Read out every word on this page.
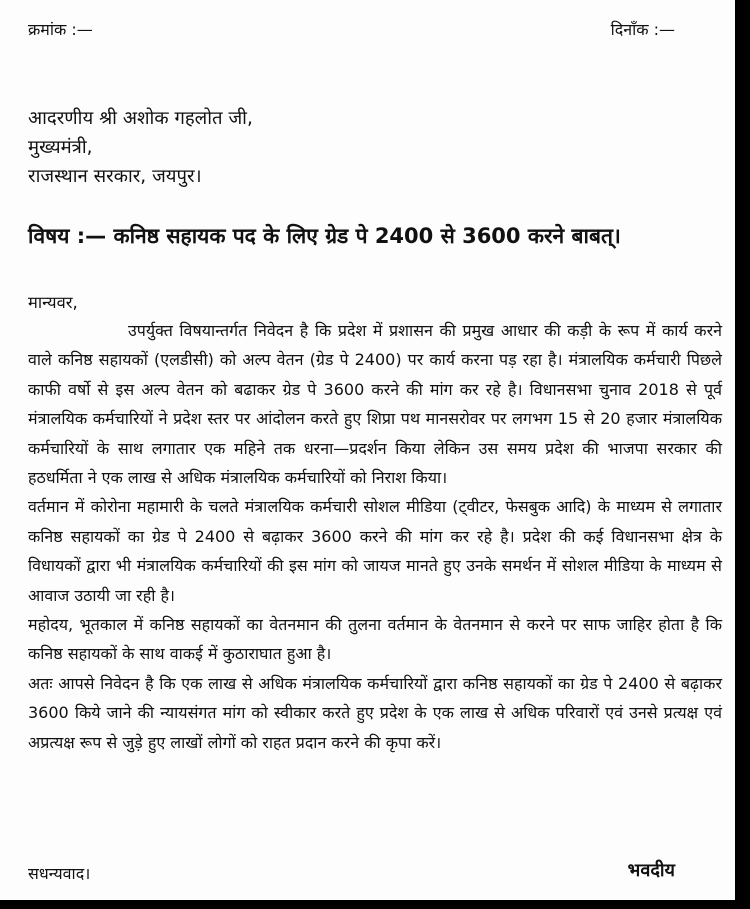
क्रमांक :—	दिनाँक :—
आदरणीय श्री अशोक गहलोत जी,
मुख्यमंत्री,
राजस्थान सरकार, जयपुर।
विषय :— कनिष्ठ सहायक पद के लिए ग्रेड पे 2400 से 3600 करने बाबत्।
मान्यवर,

उपर्युक्त विषयान्तर्गत निवेदन है कि प्रदेश में प्रशासन की प्रमुख आधार की कड़ी के रूप में कार्य करने वाले कनिष्ठ सहायकों (एलडीसी) को अल्प वेतन (ग्रेड पे 2400) पर कार्य करना पड़ रहा है। मंत्रालयिक कर्मचारी पिछले काफी वर्षो से इस अल्प वेतन को बढाकर ग्रेड पे 3600 करने की मांग कर रहे है। विधानसभा चुनाव 2018 से पूर्व मंत्रालयिक कर्मचारियों ने प्रदेश स्तर पर आंदोलन करते हुए शिप्रा पथ मानसरोवर पर लगभग 15 से 20 हजार मंत्रालयिक कर्मचारियों के साथ लगातार एक महिने तक धरना—प्रदर्शन किया लेकिन उस समय प्रदेश की भाजपा सरकार की हठधर्मिता ने एक लाख से अधिक मंत्रालयिक कर्मचारियों को निराश किया।

वर्तमान में कोरोना महामारी के चलते मंत्रालयिक कर्मचारी सोशल मीडिया (ट्वीटर, फेसबुक आदि) के माध्यम से लगातार कनिष्ठ सहायकों का ग्रेड पे 2400 से बढ़ाकर 3600 करने की मांग कर रहे है। प्रदेश की कई विधानसभा क्षेत्र के विधायकों द्वारा भी मंत्रालयिक कर्मचारियों की इस मांग को जायज मानते हुए उनके समर्थन में सोशल मीडिया के माध्यम से आवाज उठायी जा रही है।

महोदय, भूतकाल में कनिष्ठ सहायकों का वेतनमान की तुलना वर्तमान के वेतनमान से करने पर साफ जाहिर होता है कि कनिष्ठ सहायकों के साथ वाकई में कुठाराघात हुआ है।

अतः आपसे निवेदन है कि एक लाख से अधिक मंत्रालयिक कर्मचारियों द्वारा कनिष्ठ सहायकों का ग्रेड पे 2400 से बढ़ाकर 3600 किये जाने की न्यायसंगत मांग को स्वीकार करते हुए प्रदेश के एक लाख से अधिक परिवारों एवं उनसे प्रत्यक्ष एवं अप्रत्यक्ष रूप से जुड़े हुए लाखों लोगों को राहत प्रदान करने की कृपा करें।

सधन्यवाद।	भवदीय
